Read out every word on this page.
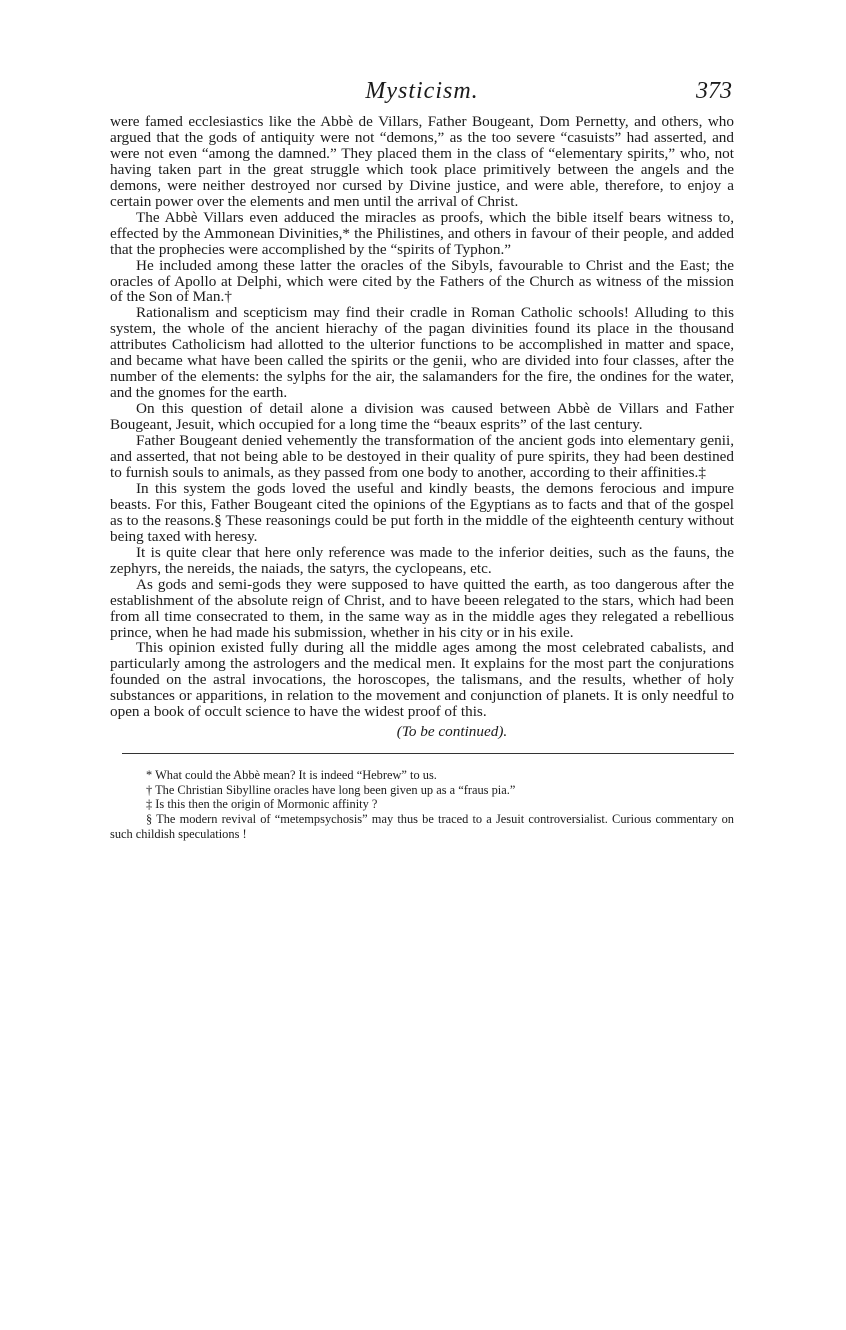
Mysticism.	373

were famed ecclesiastics like the Abbè de Villars, Father Bougeant, Dom Pernetty, and others, who argued that the gods of antiquity were not “demons,” as the too severe “casuists” had asserted, and were not even “among the damned.” They placed them in the class of “elementary spirits,” who, not having taken part in the great struggle which took place primitively between the angels and the demons, were neither destroyed nor cursed by Divine justice, and were able, therefore, to enjoy a certain power over the elements and men until the arrival of Christ.

The Abbè Villars even adduced the miracles as proofs, which the bible itself bears witness to, effected by the Ammonean Divinities,* the Philistines, and others in favour of their people, and added that the prophecies were accomplished by the “spirits of Typhon.”

He included among these latter the oracles of the Sibyls, favourable to Christ and the East; the oracles of Apollo at Delphi, which were cited by the Fathers of the Church as witness of the mission of the Son of Man.†

Rationalism and scepticism may find their cradle in Roman Catholic schools! Alluding to this system, the whole of the ancient hierachy of the pagan divinities found its place in the thousand attributes Catholicism had allotted to the ulterior functions to be accomplished in matter and space, and became what have been called the spirits or the genii, who are divided into four classes, after the number of the elements: the sylphs for the air, the salamanders for the fire, the ondines for the water, and the gnomes for the earth.

On this question of detail alone a division was caused between Abbè de Villars and Father Bougeant, Jesuit, which occupied for a long time the “beaux esprits” of the last century.

Father Bougeant denied vehemently the transformation of the ancient gods into elementary genii, and asserted, that not being able to be destoyed in their quality of pure spirits, they had been destined to furnish souls to animals, as they passed from one body to another, according to their affinities.‡

In this system the gods loved the useful and kindly beasts, the demons ferocious and impure beasts. For this, Father Bougeant cited the opinions of the Egyptians as to facts and that of the gospel as to the reasons.§ These reasonings could be put forth in the middle of the eighteenth century without being taxed with heresy.

It is quite clear that here only reference was made to the inferior deities, such as the fauns, the zephyrs, the nereids, the naiads, the satyrs, the cyclopeans, etc.

As gods and semi-gods they were supposed to have quitted the earth, as too dangerous after the establishment of the absolute reign of Christ, and to have beeen relegated to the stars, which had been from all time consecrated to them, in the same way as in the middle ages they relegated a rebellious prince, when he had made his submission, whether in his city or in his exile.

This opinion existed fully during all the middle ages among the most celebrated cabalists, and particularly among the astrologers and the medical men. It explains for the most part the conjurations founded on the astral invocations, the horoscopes, the talismans, and the results, whether of holy substances or apparitions, in relation to the movement and conjunction of planets. It is only needful to open a book of occult science to have the widest proof of this.

(To be continued).

* What could the Abbè mean? It is indeed “Hebrew” to us.

† The Christian Sibylline oracles have long been given up as a “fraus pia.”

‡ Is this then the origin of Mormonic affinity ?

§ The modern revival of “metempsychosis” may thus be traced to a Jesuit controversialist. Curious commentary on such childish speculations !
